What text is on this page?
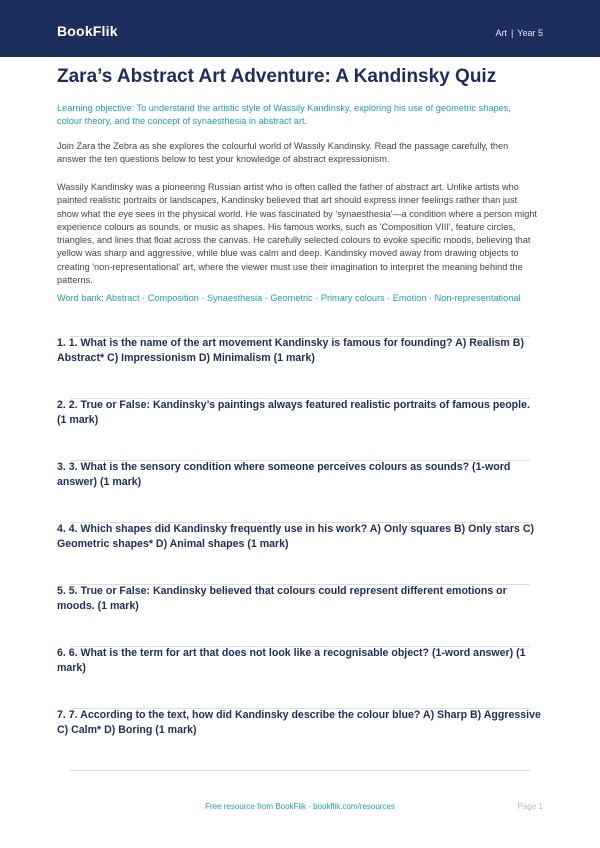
BookFlik	Art | Year 5
Zara’s Abstract Art Adventure: A Kandinsky Quiz
Learning objective: To understand the artistic style of Wassily Kandinsky, exploring his use of geometric shapes, colour theory, and the concept of synaesthesia in abstract art.
Join Zara the Zebra as she explores the colourful world of Wassily Kandinsky. Read the passage carefully, then answer the ten questions below to test your knowledge of abstract expressionism.
Wassily Kandinsky was a pioneering Russian artist who is often called the father of abstract art. Unlike artists who painted realistic portraits or landscapes, Kandinsky believed that art should express inner feelings rather than just show what the eye sees in the physical world. He was fascinated by 'synaesthesia'—a condition where a person might experience colours as sounds, or music as shapes. His famous works, such as 'Composition VIII', feature circles, triangles, and lines that float across the canvas. He carefully selected colours to evoke specific moods, believing that yellow was sharp and aggressive, while blue was calm and deep. Kandinsky moved away from drawing objects to creating 'non-representational' art, where the viewer must use their imagination to interpret the meaning behind the patterns.
Word bank: Abstract · Composition · Synaesthesia · Geometric · Primary colours · Emotion · Non-representational

1. 1. What is the name of the art movement Kandinsky is famous for founding? A) Realism B) Abstract* C) Impressionism D) Minimalism (1 mark)

2. 2. True or False: Kandinsky’s paintings always featured realistic portraits of famous people. (1 mark)

3. 3. What is the sensory condition where someone perceives colours as sounds? (1-word answer) (1 mark)

4. 4. Which shapes did Kandinsky frequently use in his work? A) Only squares B) Only stars C) Geometric shapes* D) Animal shapes (1 mark)

5. 5. True or False: Kandinsky believed that colours could represent different emotions or moods. (1 mark)

6. 6. What is the term for art that does not look like a recognisable object? (1-word answer) (1 mark)

7. 7. According to the text, how did Kandinsky describe the colour blue? A) Sharp B) Aggressive C) Calm* D) Boring (1 mark)

Free resource from BookFlik · bookflik.com/resources	Page 1
